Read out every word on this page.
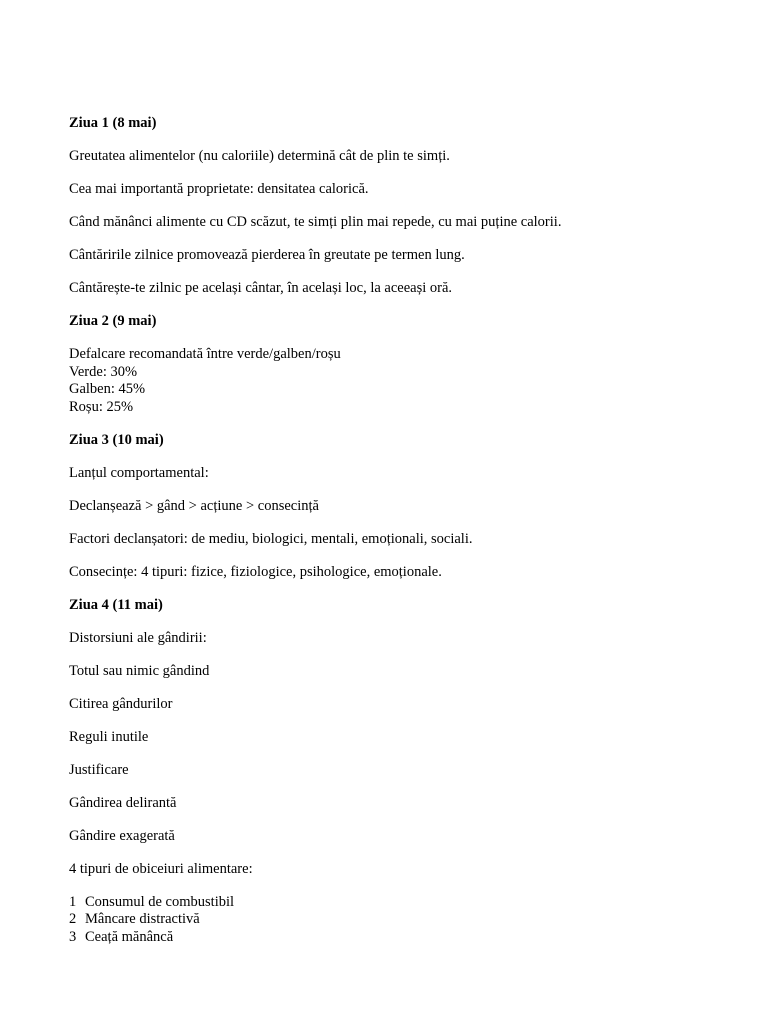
Ziua 1 (8 mai)

Greutatea alimentelor (nu caloriile) determină cât de plin te simți.

Cea mai importantă proprietate: densitatea calorică.

Când mănânci alimente cu CD scăzut, te simți plin mai repede, cu mai puține calorii.

Cântăririle zilnice promovează pierderea în greutate pe termen lung.

Cântărește-te zilnic pe același cântar, în același loc, la aceeași oră.

Ziua 2 (9 mai)

Defalcare recomandată între verde/galben/roșu

Verde: 30%

Galben: 45%

Roșu: 25%

Ziua 3 (10 mai)

Lanțul comportamental:

Declanșează > gând > acțiune > consecință

Factori declanșatori: de mediu, biologici, mentali, emoționali, sociali.

Consecințe: 4 tipuri: fizice, fiziologice, psihologice, emoționale.

Ziua 4 (11 mai)

Distorsiuni ale gândirii:

Totul sau nimic gândind

Citirea gândurilor

Reguli inutile

Justificare

Gândirea delirantă

Gândire exagerată

4 tipuri de obiceiuri alimentare:

1 Consumul de combustibil

2 Mâncare distractivă

3 Ceață mănâncă
